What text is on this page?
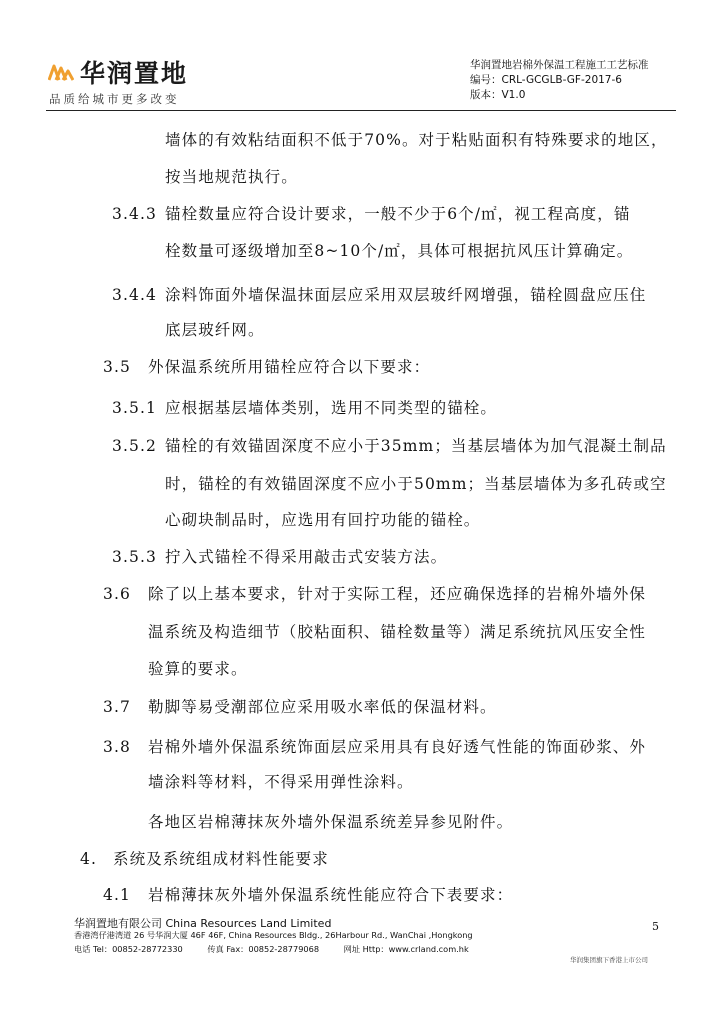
华润置地
品质给城市更多改变
华润置地岩棉外保温工程施工工艺标准
编号：CRL-GCGLB-GF-2017-6
版本：V1.0
墙体的有效粘结面积不低于70%。对于粘贴面积有特殊要求的地区，
按当地规范执行。
3.4.3 锚栓数量应符合设计要求，一般不少于6个/㎡，视工程高度，锚
栓数量可逐级增加至8~10个/㎡，具体可根据抗风压计算确定。
3.4.4 涂料饰面外墙保温抹面层应采用双层玻纤网增强，锚栓圆盘应压住
底层玻纤网。
3.5 外保温系统所用锚栓应符合以下要求：
3.5.1 应根据基层墙体类别，选用不同类型的锚栓。
3.5.2 锚栓的有效锚固深度不应小于35mm；当基层墙体为加气混凝土制品
时，锚栓的有效锚固深度不应小于50mm；当基层墙体为多孔砖或空
心砌块制品时，应选用有回拧功能的锚栓。
3.5.3 拧入式锚栓不得采用敲击式安装方法。
3.6 除了以上基本要求，针对于实际工程，还应确保选择的岩棉外墙外保
温系统及构造细节（胶粘面积、锚栓数量等）满足系统抗风压安全性
验算的要求。
3.7 勒脚等易受潮部位应采用吸水率低的保温材料。
3.8 岩棉外墙外保温系统饰面层应采用具有良好透气性能的饰面砂浆、外
墙涂料等材料，不得采用弹性涂料。
各地区岩棉薄抹灰外墙外保温系统差异参见附件。
4. 系统及系统组成材料性能要求
4.1 岩棉薄抹灰外墙外保温系统性能应符合下表要求：
华润置地有限公司 China Resources Land Limited
香港湾仔港湾道 26 号华润大厦 46F 46F, China Resources Bldg., 26Harbour Rd., WanChai ,Hongkong
电话 Tel：00852-28772330	传真 Fax：00852-28779068	网址 Http：www.crland.com.hk
5
华润集团旗下香港上市公司
